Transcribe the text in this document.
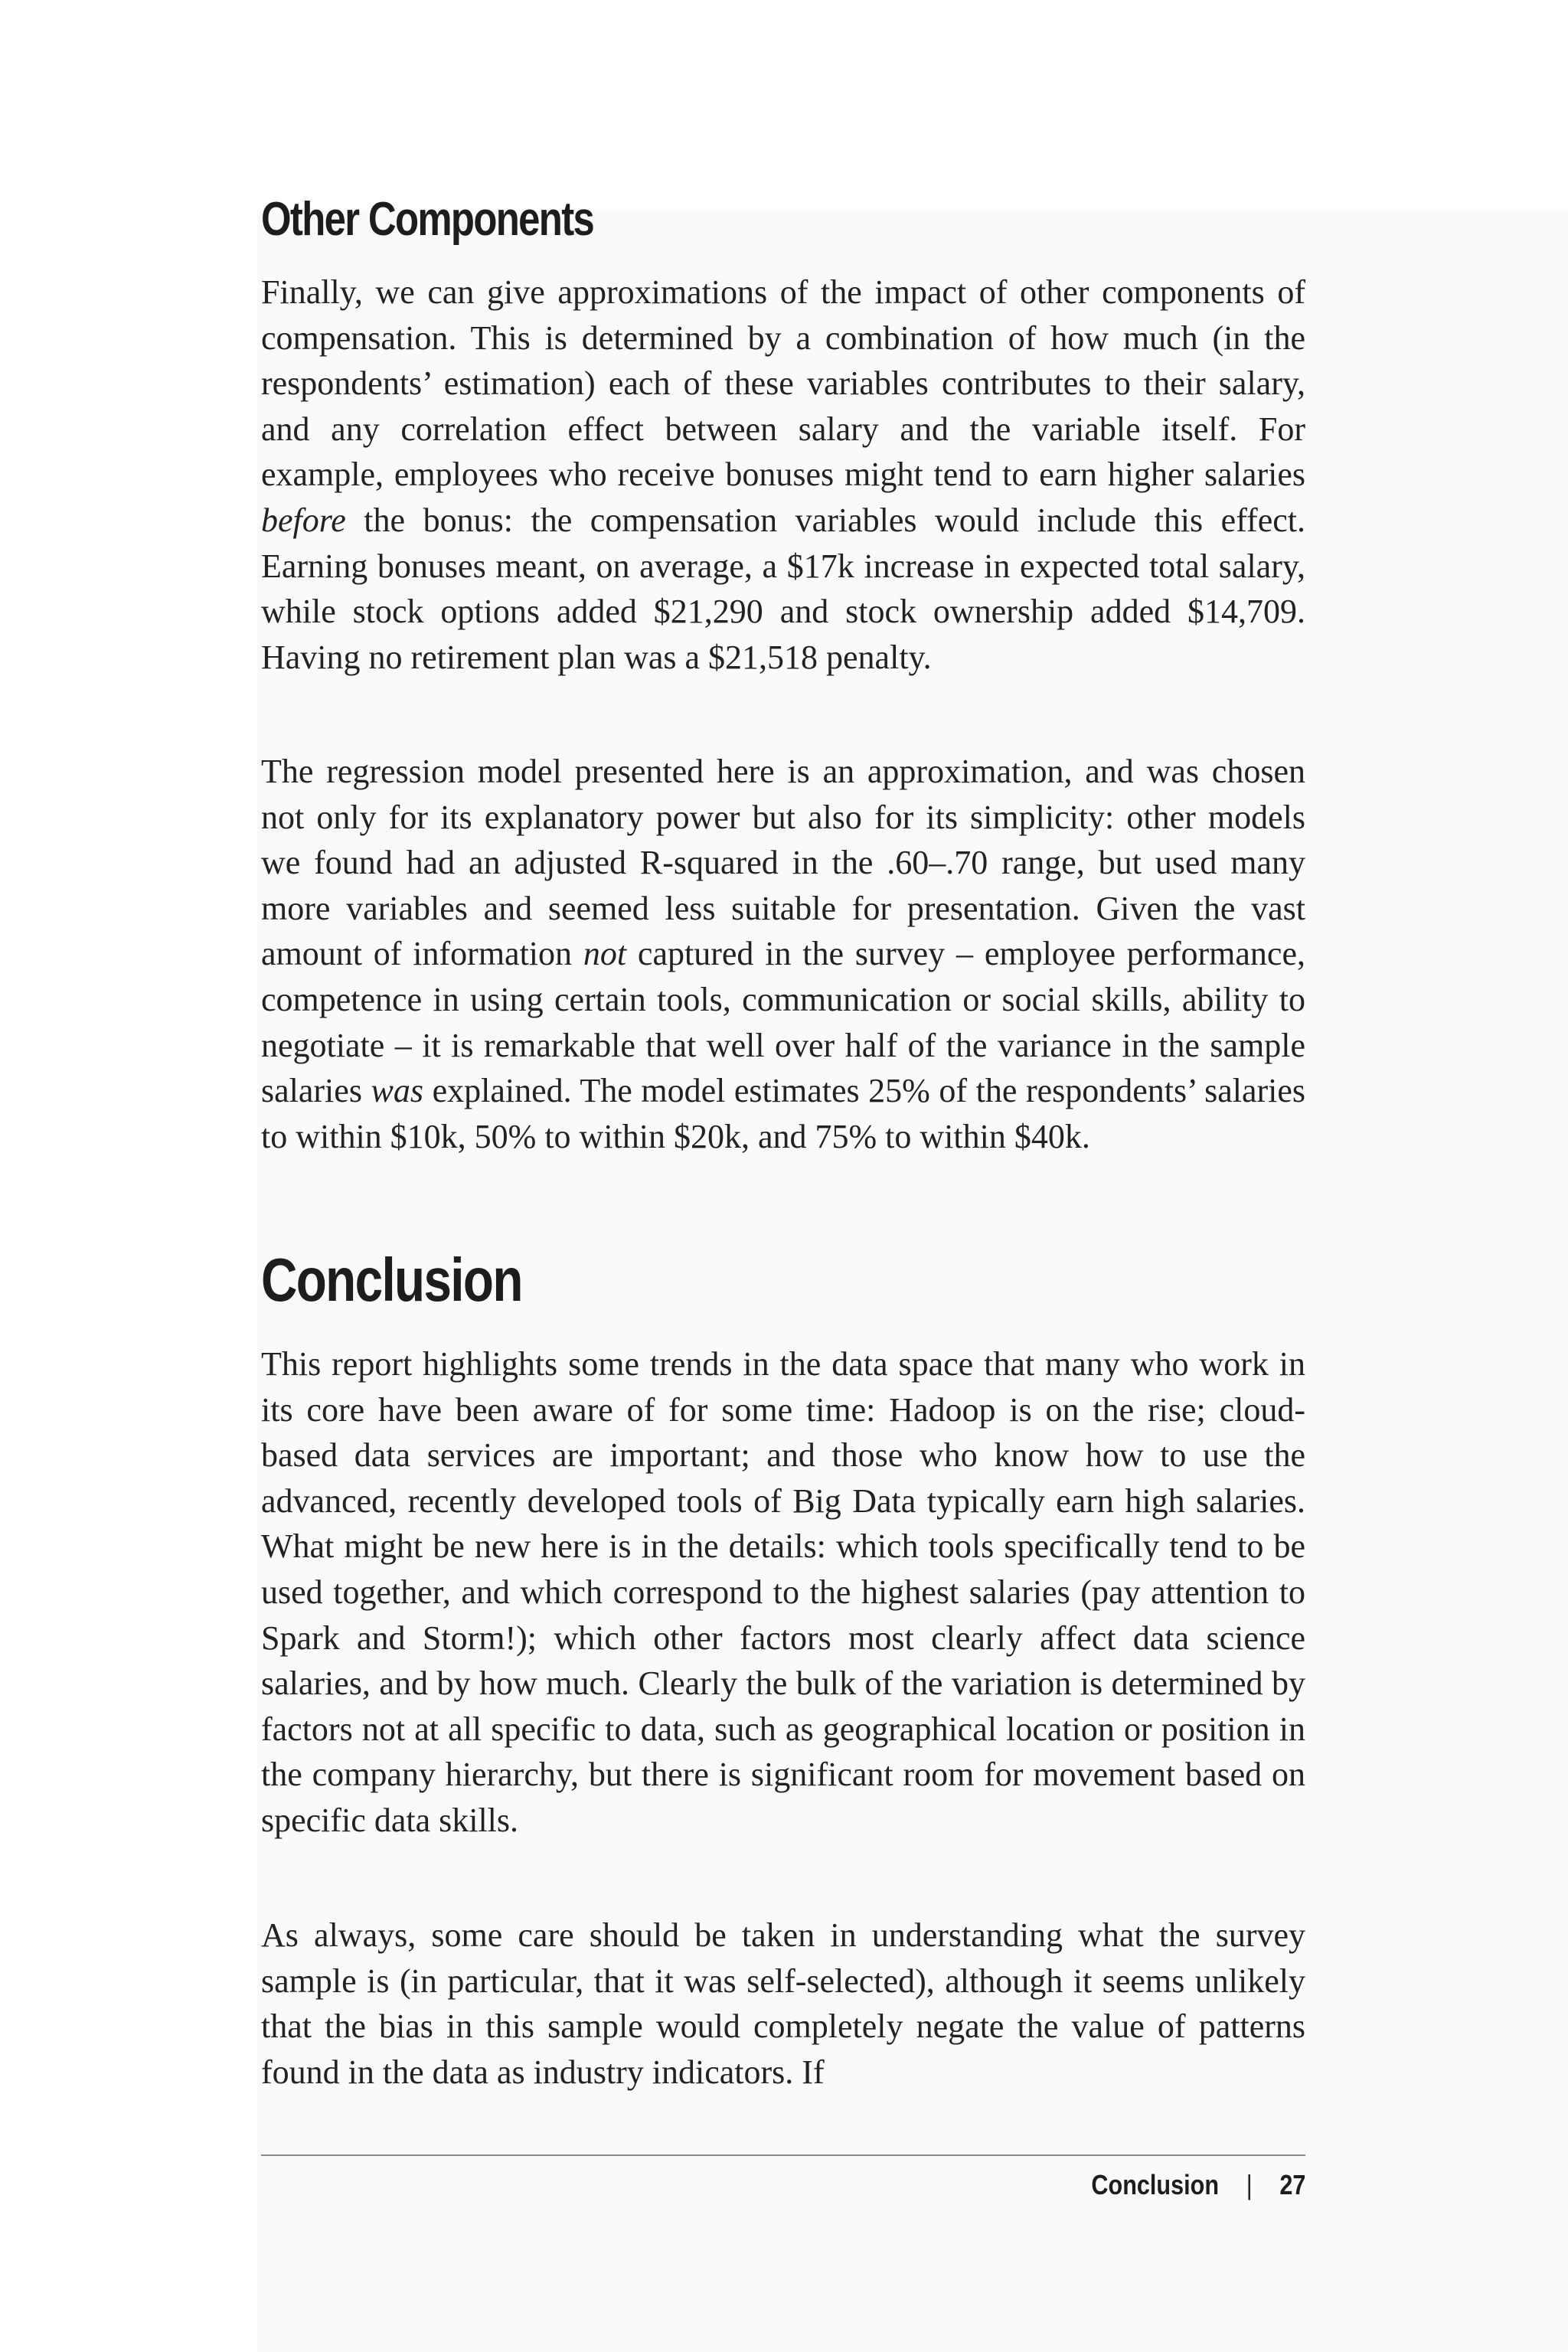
Other Components

Finally, we can give approximations of the impact of other components of compensation. This is determined by a combination of how much (in the respondents’ estimation) each of these variables contributes to their salary, and any correlation effect between salary and the variable itself. For example, employees who receive bonuses might tend to earn higher salaries before the bonus: the compensation variables would include this effect. Earning bonuses meant, on average, a $17k increase in expected total salary, while stock options added $21,290 and stock ownership added $14,709. Having no retirement plan was a $21,518 penalty.

The regression model presented here is an approximation, and was chosen not only for its explanatory power but also for its simplicity: other models we found had an adjusted R-squared in the .60–.70 range, but used many more variables and seemed less suitable for presentation. Given the vast amount of information not captured in the survey – employee performance, competence in using certain tools, communication or social skills, ability to negotiate – it is remarkable that well over half of the variance in the sample salaries was explained. The model estimates 25% of the respondents’ salaries to within $10k, 50% to within $20k, and 75% to within $40k.

Conclusion

This report highlights some trends in the data space that many who work in its core have been aware of for some time: Hadoop is on the rise; cloud-based data services are important; and those who know how to use the advanced, recently developed tools of Big Data typically earn high salaries. What might be new here is in the details: which tools specifically tend to be used together, and which correspond to the highest salaries (pay attention to Spark and Storm!); which other factors most clearly affect data science salaries, and by how much. Clearly the bulk of the variation is determined by factors not at all specific to data, such as geographical location or position in the company hierarchy, but there is significant room for movement based on specific data skills.

As always, some care should be taken in understanding what the survey sample is (in particular, that it was self-selected), although it seems unlikely that the bias in this sample would completely negate the value of patterns found in the data as industry indicators. If

Conclusion | 27
